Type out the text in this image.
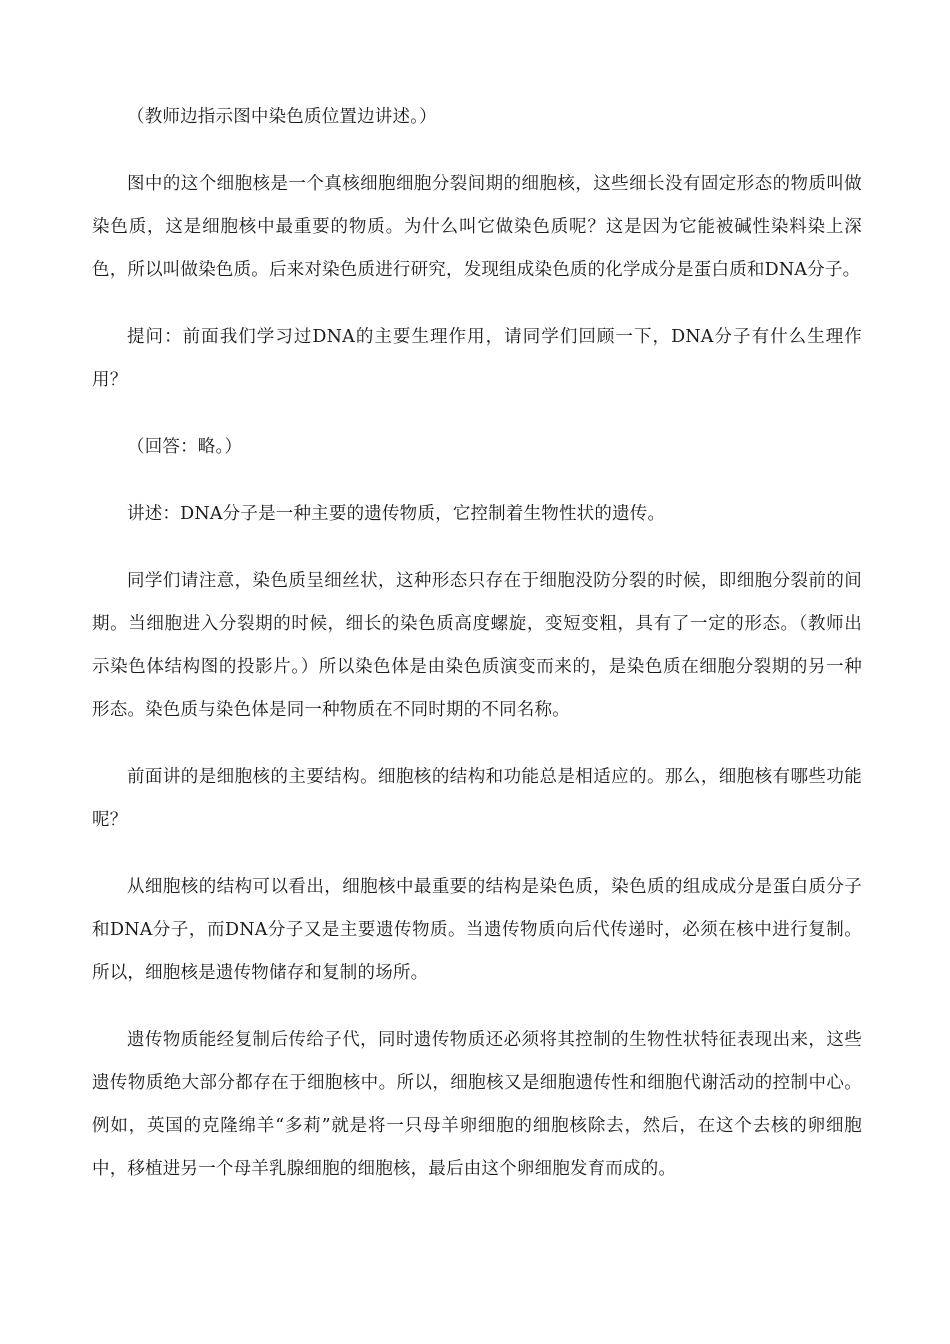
（教师边指示图中染色质位置边讲述。）

图中的这个细胞核是一个真核细胞细胞分裂间期的细胞核，这些细长没有固定形态的物质叫做染色质，这是细胞核中最重要的物质。为什么叫它做染色质呢？这是因为它能被碱性染料染上深色，所以叫做染色质。后来对染色质进行研究，发现组成染色质的化学成分是蛋白质和DNA分子。

提问：前面我们学习过DNA的主要生理作用，请同学们回顾一下，DNA分子有什么生理作用？

（回答：略。）

讲述：DNA分子是一种主要的遗传物质，它控制着生物性状的遗传。

同学们请注意，染色质呈细丝状，这种形态只存在于细胞没防分裂的时候，即细胞分裂前的间期。当细胞进入分裂期的时候，细长的染色质高度螺旋，变短变粗，具有了一定的形态。（教师出示染色体结构图的投影片。）所以染色体是由染色质演变而来的，是染色质在细胞分裂期的另一种形态。染色质与染色体是同一种物质在不同时期的不同名称。

前面讲的是细胞核的主要结构。细胞核的结构和功能总是相适应的。那么，细胞核有哪些功能呢？

从细胞核的结构可以看出，细胞核中最重要的结构是染色质，染色质的组成成分是蛋白质分子和DNA分子，而DNA分子又是主要遗传物质。当遗传物质向后代传递时，必须在核中进行复制。所以，细胞核是遗传物储存和复制的场所。

遗传物质能经复制后传给子代，同时遗传物质还必须将其控制的生物性状特征表现出来，这些遗传物质绝大部分都存在于细胞核中。所以，细胞核又是细胞遗传性和细胞代谢活动的控制中心。例如，英国的克隆绵羊“多莉”就是将一只母羊卵细胞的细胞核除去，然后，在这个去核的卵细胞中，移植进另一个母羊乳腺细胞的细胞核，最后由这个卵细胞发育而成的。
